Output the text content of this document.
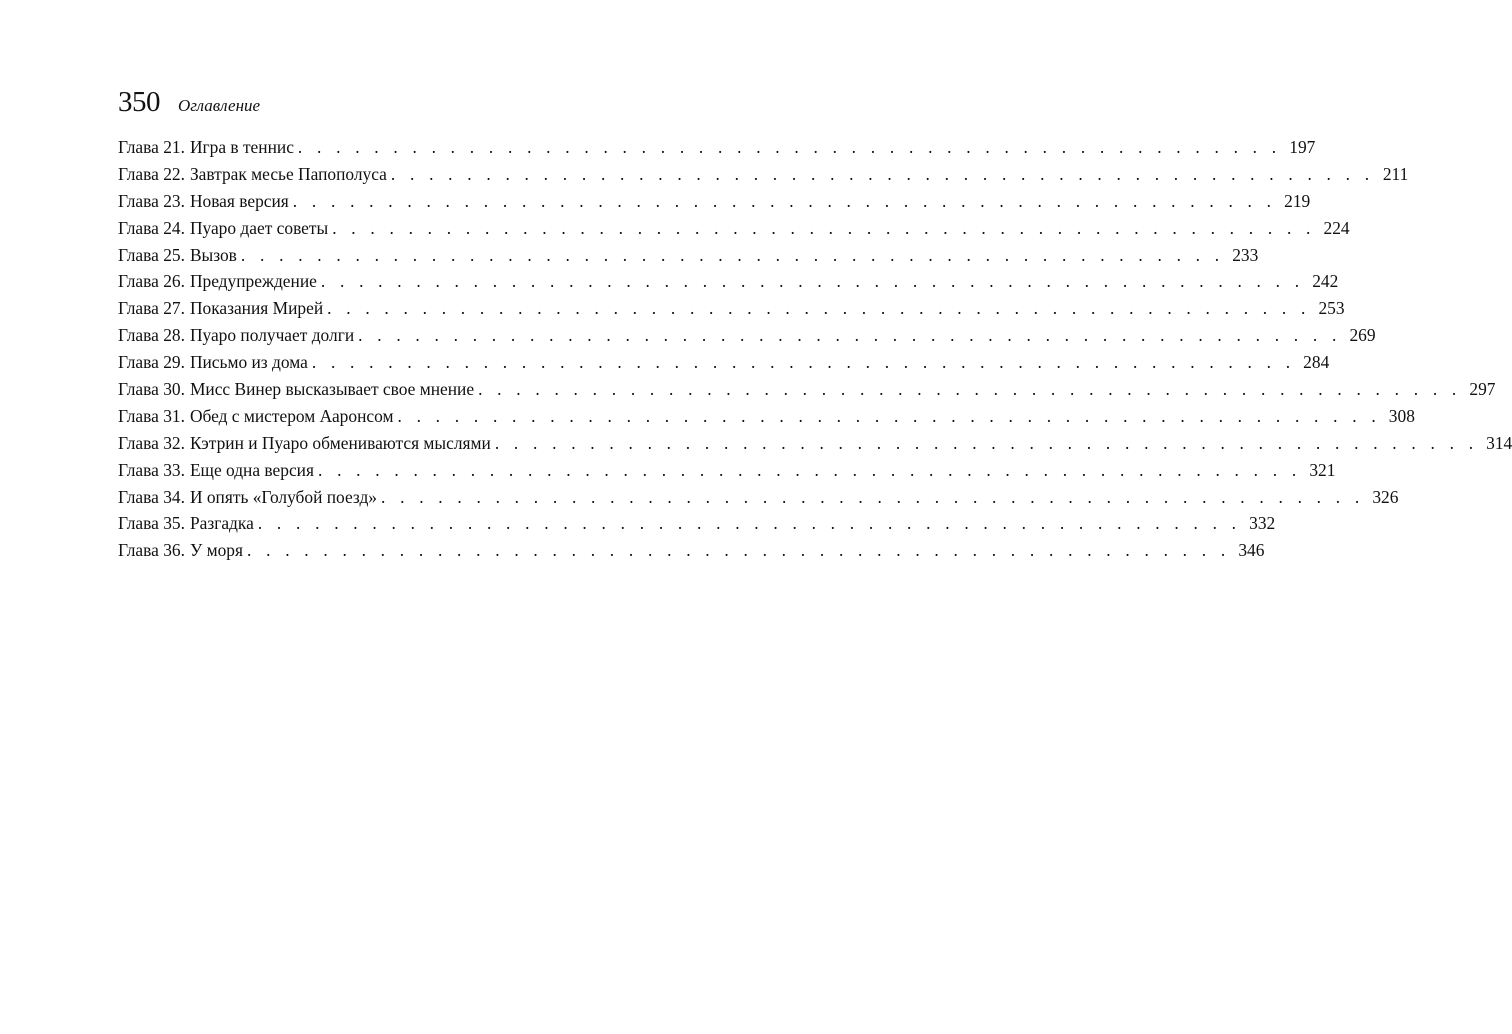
350 Оглавление
Глава 21. Игра в теннис . . . . . . . . . . . . . . . . . . . . . . . . . . . . . . . . . . . . . . . . . . . . . . . . . . . . 197
Глава 22. Завтрак месье Папополуса . . . . . . . . . . . . . . . . . . . . . . . . . . . . . . . . . . . . . . . . . . . . . . . . . . . . 211
Глава 23. Новая версия . . . . . . . . . . . . . . . . . . . . . . . . . . . . . . . . . . . . . . . . . . . . . . . . . . . . 219
Глава 24. Пуаро дает советы . . . . . . . . . . . . . . . . . . . . . . . . . . . . . . . . . . . . . . . . . . . . . . . . . . . . 224
Глава 25. Вызов . . . . . . . . . . . . . . . . . . . . . . . . . . . . . . . . . . . . . . . . . . . . . . . . . . . . 233
Глава 26. Предупреждение . . . . . . . . . . . . . . . . . . . . . . . . . . . . . . . . . . . . . . . . . . . . . . . . . . . . 242
Глава 27. Показания Мирей . . . . . . . . . . . . . . . . . . . . . . . . . . . . . . . . . . . . . . . . . . . . . . . . . . . . 253
Глава 28. Пуаро получает долги . . . . . . . . . . . . . . . . . . . . . . . . . . . . . . . . . . . . . . . . . . . . . . . . . . . . 269
Глава 29. Письмо из дома . . . . . . . . . . . . . . . . . . . . . . . . . . . . . . . . . . . . . . . . . . . . . . . . . . . . 284
Глава 30. Мисс Винер высказывает свое мнение . . . . . . . . . . . . . . . . . . . . . . . . . . . . . . . . . . . . . . . . . . . . . . . . . . . . 297
Глава 31. Обед с мистером Ааронсом . . . . . . . . . . . . . . . . . . . . . . . . . . . . . . . . . . . . . . . . . . . . . . . . . . . . 308
Глава 32. Кэтрин и Пуаро обмениваются мыслями . . . . . . . . . . . . . . . . . . . . . . . . . . . . . . . . . . . . . . . . . . . . . . . . . . . . 314
Глава 33. Еще одна версия . . . . . . . . . . . . . . . . . . . . . . . . . . . . . . . . . . . . . . . . . . . . . . . . . . . . 321
Глава 34. И опять «Голубой поезд» . . . . . . . . . . . . . . . . . . . . . . . . . . . . . . . . . . . . . . . . . . . . . . . . . . . . 326
Глава 35. Разгадка . . . . . . . . . . . . . . . . . . . . . . . . . . . . . . . . . . . . . . . . . . . . . . . . . . . . 332
Глава 36. У моря . . . . . . . . . . . . . . . . . . . . . . . . . . . . . . . . . . . . . . . . . . . . . . . . . . . . 346
